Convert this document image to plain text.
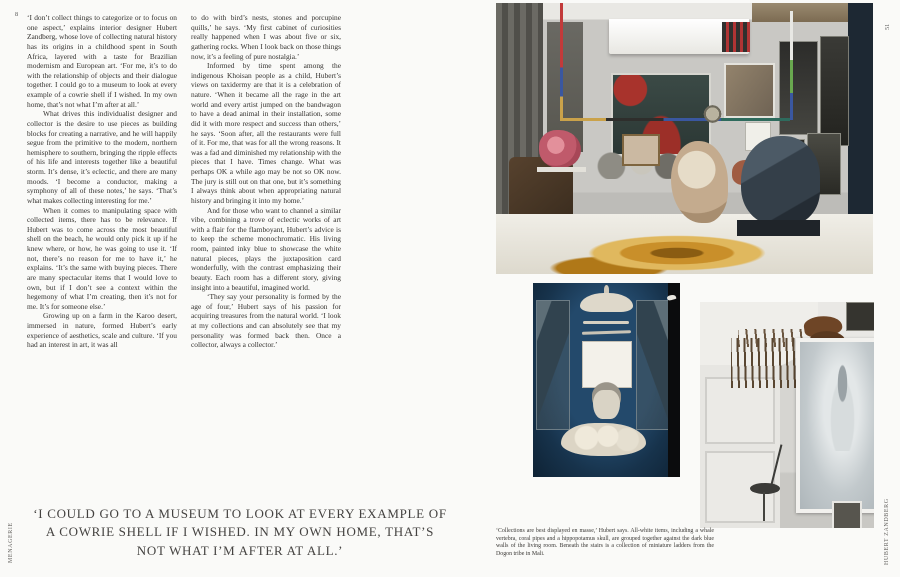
8
51
MENAGERIE	HUBERT ZANDBERG

‘I don’t collect things to categorize or to focus on one aspect,’ explains interior designer Hubert Zandberg, whose love of collecting natural history has its origins in a childhood spent in South Africa, layered with a taste for Brazilian modernism and European art. ‘For me, it’s to do with the relationship of objects and their dialogue together. I could go to a museum to look at every example of a cowrie shell if I wished. In my own home, that’s not what I’m after at all.’

What drives this individualist designer and collector is the desire to use pieces as building blocks for creating a narrative, and he will happily segue from the primitive to the modern, northern hemisphere to southern, bringing the ripple effects of his life and interests together like a beautiful storm. It’s dense, it’s eclectic, and there are many moods. ‘I become a conductor, making a symphony of all of these notes,’ he says. ‘That’s what makes collecting interesting for me.’

When it comes to manipulating space with collected items, there has to be relevance. If Hubert was to come across the most beautiful shell on the beach, he would only pick it up if he knew where, or how, he was going to use it. ‘If not, there’s no reason for me to have it,’ he explains. ‘It’s the same with buying pieces. There are many spectacular items that I would love to own, but if I don’t see a context within the hegemony of what I’m creating, then it’s not for me. It’s for someone else.’

Growing up on a farm in the Karoo desert, immersed in nature, formed Hubert’s early experience of aesthetics, scale and culture. ‘If you had an interest in art, it was all

to do with bird’s nests, stones and porcupine quills,’ he says. ‘My first cabinet of curiosities really happened when I was about five or six, gathering rocks. When I look back on those things now, it’s a feeling of pure nostalgia.’

Informed by time spent among the indigenous Khoisan people as a child, Hubert’s views on taxidermy are that it is a celebration of nature. ‘When it became all the rage in the art world and every artist jumped on the bandwagon to have a dead animal in their installation, some did it with more respect and success than others,’ he says. ‘Soon after, all the restaurants were full of it. For me, that was for all the wrong reasons. It was a fad and diminished my relationship with the pieces that I have. Times change. What was perhaps OK a while ago may be not so OK now. The jury is still out on that one, but it’s something I always think about when appropriating natural history and bringing it into my home.’

And for those who want to channel a similar vibe, combining a trove of eclectic works of art with a flair for the flamboyant, Hubert’s advice is to keep the scheme monochromatic. His living room, painted inky blue to showcase the white natural pieces, plays the juxtaposition card wonderfully, with the contrast emphasizing their beauty. Each room has a different story, giving insight into a beautiful, imagined world.

‘They say your personality is formed by the age of four,’ Hubert says of his passion for acquiring treasures from the natural world. ‘I look at my collections and can absolutely see that my personality was formed back then. Once a collector, always a collector.’

‘I COULD GO TO A MUSEUM TO LOOK AT EVERY EXAMPLE OF A COWRIE SHELL IF I WISHED. IN MY OWN HOME, THAT’S NOT WHAT I’M AFTER AT ALL.’
‘Collections are best displayed en masse,’ Hubert says. All-white items, including a whale vertebra, coral pipes and a hippopotamus skull, are grouped together against the dark blue walls of the living room. Beneath the stairs is a collection of miniature ladders from the Dogon tribe in Mali.
